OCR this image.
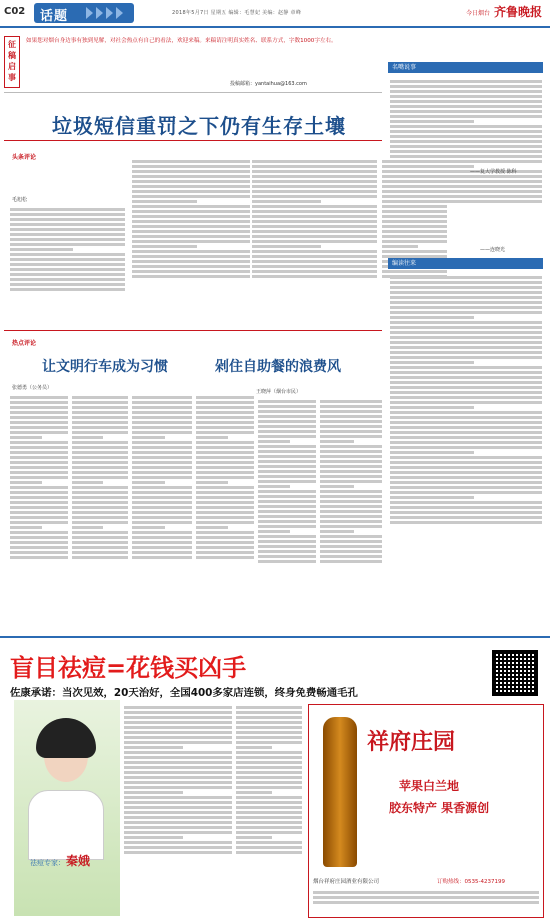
C02 话题	2018年5月7日 星期五 编辑：毛慧妃 美编：赵静 章峰	今日烟台 齐鲁晚报
征稿启事
如果您对烟台身边事有独到见解，对社会热点有自己的看法，欢迎来稿。来稿请注明真实姓名、联系方式，字数1000字左右。
投稿邮箱：yantaihua@163.com
垃圾短信重罚之下仍有生存土壤
头条评论
毛旭松
名嘴说事
——复大学教授 陈科
——连晓光
编读往来
热点评论
让文明行车成为习惯	剁住自助餐的浪费风
张德勇（公务员）
王晓萍（烟台市民）
盲目祛痘=花钱买凶手
佐康承诺：当次见效，20天治好，全国400多家店连锁，终身免费畅通毛孔
祛痘专家： 秦娥
祥府庄园
苹果白兰地
胶东特产 果香源创
烟台祥府庄园酒业有限公司	订购热线：0535-4237199
